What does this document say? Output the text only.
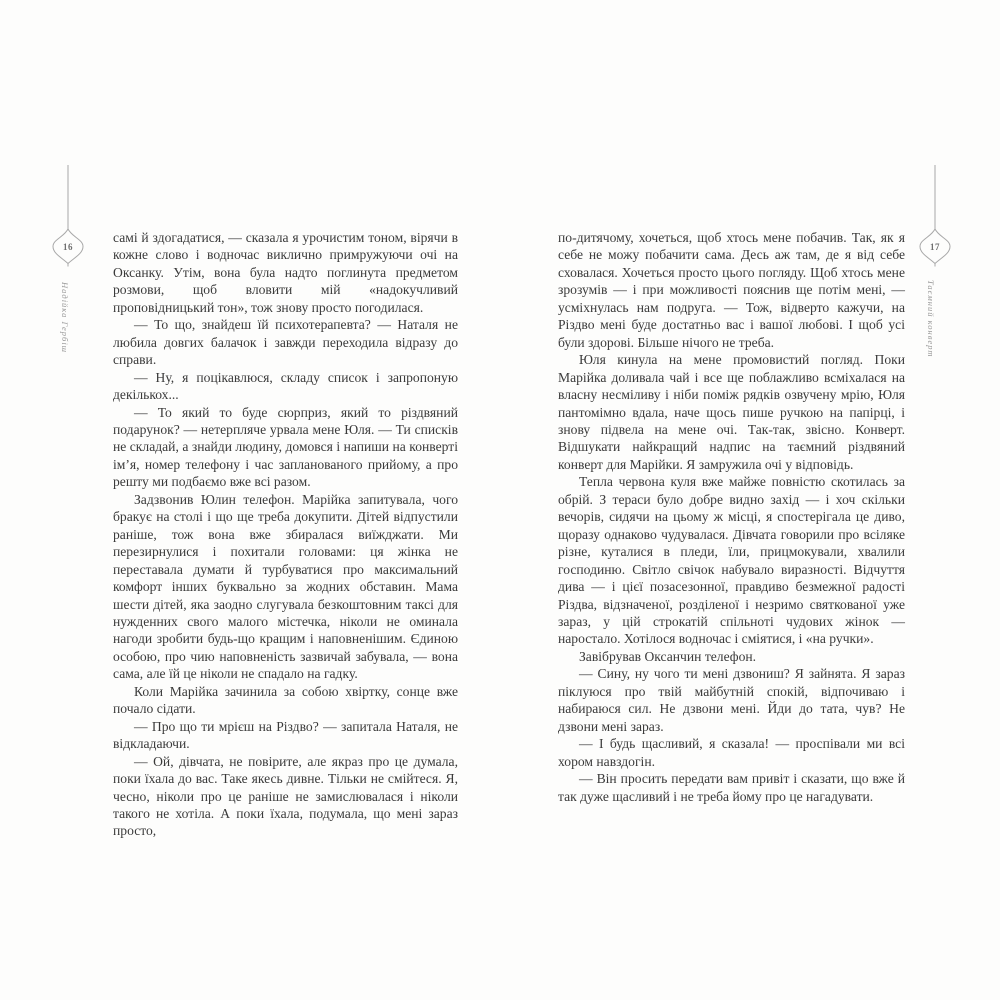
16
Надійка Гербіш

самі й здогадатися, — сказала я урочистим тоном, вірячи в кожне слово і водночас виклично примружуючи очі на Оксанку. Утім, вона була надто поглинута предметом розмови, щоб вловити мій «надокучливий проповідницький тон», тож знову просто погодилася.

— То що, знайдеш їй психотерапевта? — Наталя не любила довгих балачок і завжди переходила відразу до справи.

— Ну, я поцікавлюся, складу список і запропоную декількох...

— То який то буде сюрприз, який то різдвяний подарунок? — нетерпляче урвала мене Юля. — Ти списків не складай, а знайди людину, домовся і напиши на конверті ім’я, номер телефону і час запланованого прийому, а про решту ми подбаємо вже всі разом.

Задзвонив Юлин телефон. Марійка запитувала, чого бракує на столі і що ще треба докупити. Дітей відпустили раніше, тож вона вже збиралася виїжджати. Ми перезирнулися і похитали головами: ця жінка не переставала думати й турбуватися про максимальний комфорт інших буквально за жодних обставин. Мама шести дітей, яка заодно слугувала безкоштовним таксі для нужденних свого малого містечка, ніколи не оминала нагоди зробити будь-що кращим і наповненішим. Єдиною особою, про чию наповненість зазвичай забувала, — вона сама, але їй це ніколи не спадало на гадку.

Коли Марійка зачинила за собою хвіртку, сонце вже почало сідати.

— Про що ти мрієш на Різдво? — запитала Наталя, не відкладаючи.

— Ой, дівчата, не повірите, але якраз про це думала, поки їхала до вас. Таке якесь дивне. Тільки не смійтеся. Я, чесно, ніколи про це раніше не замислювалася і ніколи такого не хотіла. А поки їхала, подумала, що мені зараз просто,

17
Таємний конверт

по-дитячому, хочеться, щоб хтось мене побачив. Так, як я себе не можу побачити сама. Десь аж там, де я від себе сховалася. Хочеться просто цього погляду. Щоб хтось мене зрозумів — і при можливості пояснив ще потім мені, — усміхнулась нам подруга. — Тож, відверто кажучи, на Різдво мені буде достатньо вас і вашої любові. І щоб усі були здорові. Більше нічого не треба.

Юля кинула на мене промовистий погляд. Поки Марійка доливала чай і все ще поблажливо всміхалася на власну несміливу і ніби поміж рядків озвучену мрію, Юля пантомімно вдала, наче щось пише ручкою на папірці, і знову підвела на мене очі. Так-так, звісно. Конверт. Відшукати найкращий надпис на таємний різдвяний конверт для Марійки. Я замружила очі у відповідь.

Тепла червона куля вже майже повністю скотилась за обрій. З тераси було добре видно захід — і хоч скільки вечорів, сидячи на цьому ж місці, я спостерігала це диво, щоразу однаково чудувалася. Дівчата говорили про всіляке різне, куталися в пледи, їли, прицмокували, хвалили господиню. Світло свічок набувало виразності. Відчуття дива — і цієї позасезонної, правдиво безмежної радості Різдва, відзначеної, розділеної і незримо святкованої уже зараз, у цій строкатій спільноті чудових жінок — наростало. Хотілося водночас і сміятися, і «на ручки».

Завібрував Оксанчин телефон.

— Сину, ну чого ти мені дзвониш? Я зайнята. Я зараз піклуюся про твій майбутній спокій, відпочиваю і набираюся сил. Не дзвони мені. Йди до тата, чув? Не дзвони мені зараз.

— І будь щасливий, я сказала! — проспівали ми всі хором навздогін.

— Він просить передати вам привіт і сказати, що вже й так дуже щасливий і не треба йому про це нагадувати.
